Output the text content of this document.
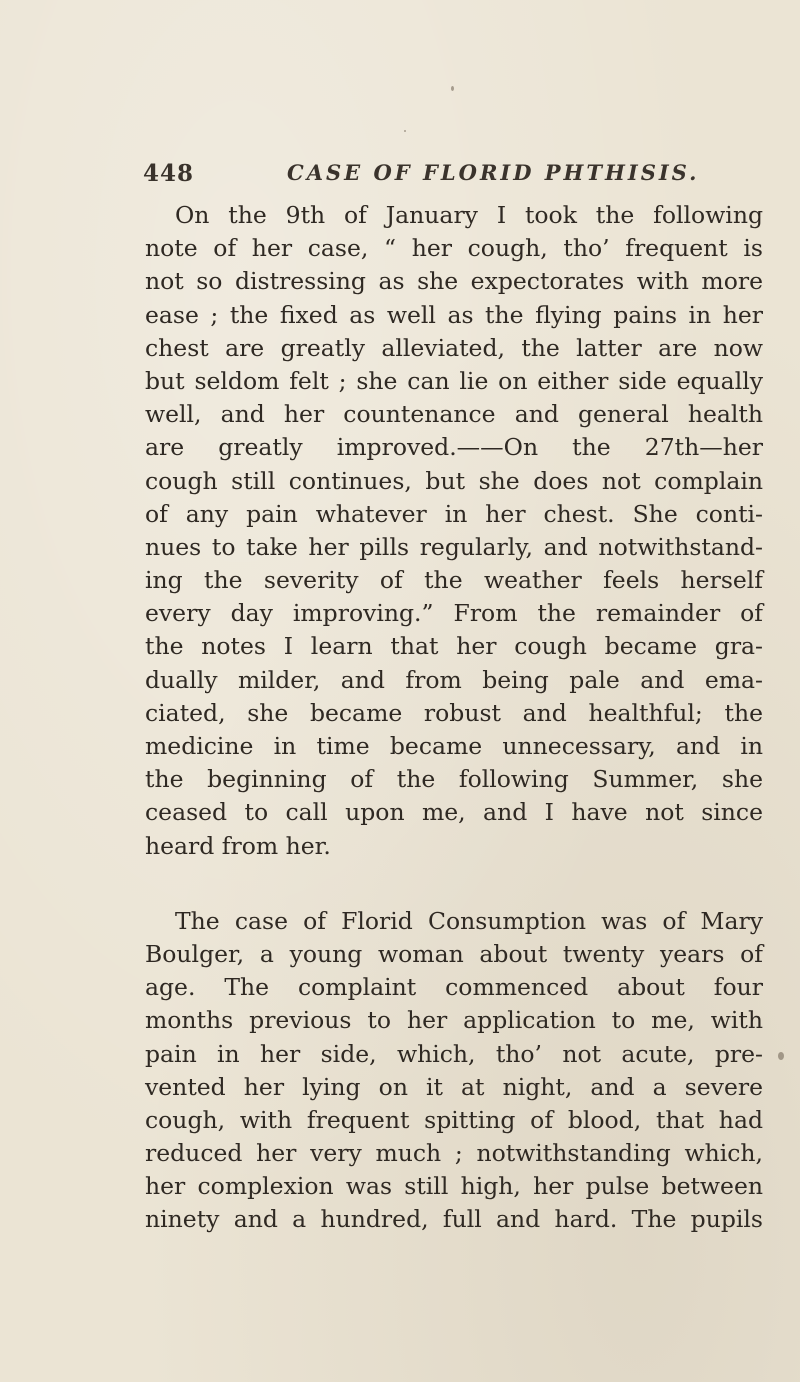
448	CASE OF FLORID PHTHISIS.
On the 9th of January I took the following
note of her case, “ her cough, tho’ frequent is
not so distressing as she expectorates with more
ease ; the fixed as well as the flying pains in her
chest are greatly alleviated, the latter are now
but seldom felt ; she can lie on either side equally
well, and her countenance and general health
are greatly improved.——On the 27th—her
cough still continues, but she does not complain
of any pain whatever in her chest. She conti-
nues to take her pills regularly, and notwithstand-
ing the severity of the weather feels herself
every day improving.” From the remainder of
the notes I learn that her cough became gra-
dually milder, and from being pale and ema-
ciated, she became robust and healthful; the
medicine in time became unnecessary, and in
the beginning of the following Summer, she
ceased to call upon me, and I have not since
heard from her.
The case of Florid Consumption was of Mary
Boulger, a young woman about twenty years of
age. The complaint commenced about four
months previous to her application to me, with
pain in her side, which, tho’ not acute, pre-
vented her lying on it at night, and a severe
cough, with frequent spitting of blood, that had
reduced her very much ; notwithstanding which,
her complexion was still high, her pulse between
ninety and a hundred, full and hard. The pupils
